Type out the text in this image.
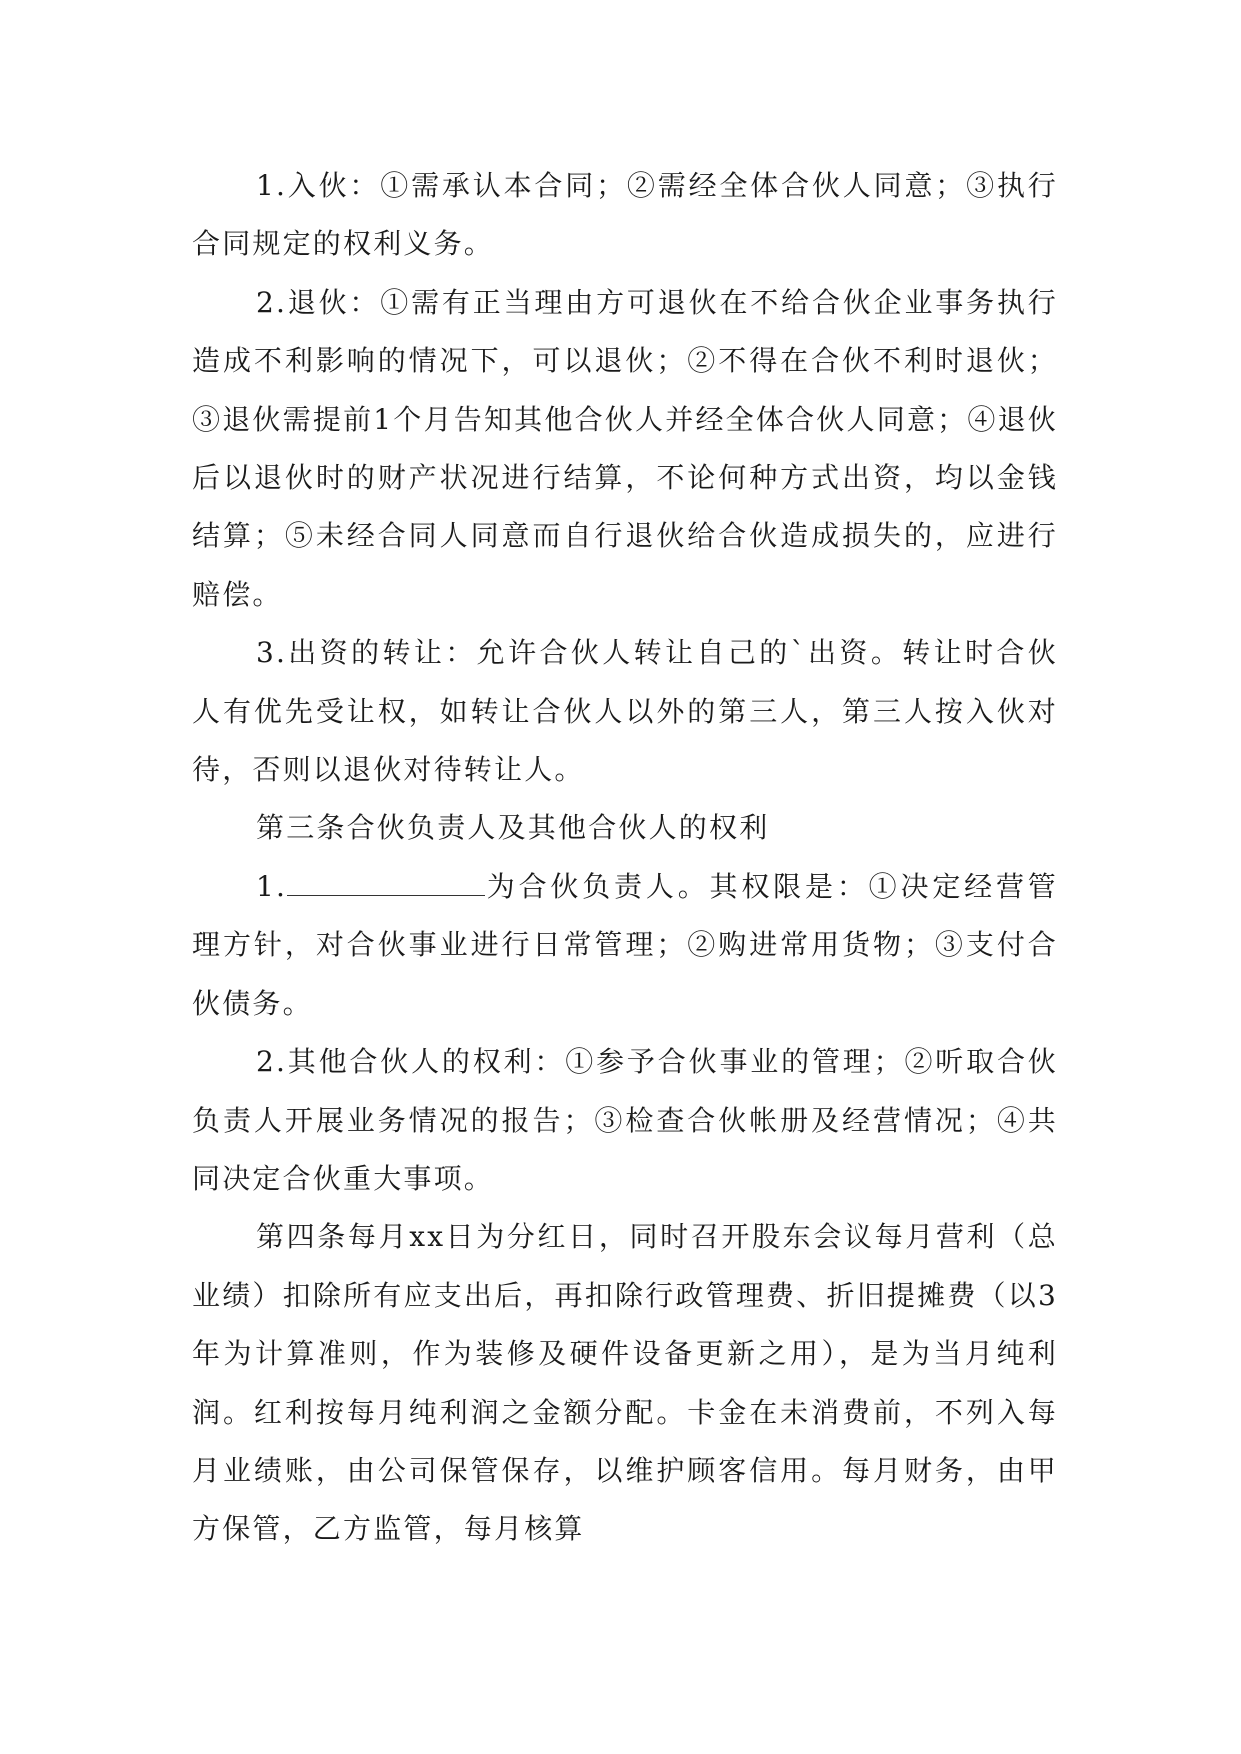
1.入伙：①需承认本合同；②需经全体合伙人同意；③执行合同规定的权利义务。

2.退伙：①需有正当理由方可退伙在不给合伙企业事务执行造成不利影响的情况下，可以退伙；②不得在合伙不利时退伙；③退伙需提前1个月告知其他合伙人并经全体合伙人同意；④退伙后以退伙时的财产状况进行结算，不论何种方式出资，均以金钱结算；⑤未经合同人同意而自行退伙给合伙造成损失的，应进行赔偿。

3.出资的转让：允许合伙人转让自己的`出资。转让时合伙人有优先受让权，如转让合伙人以外的第三人，第三人按入伙对待，否则以退伙对待转让人。

第三条合伙负责人及其他合伙人的权利

1.	为合伙负责人。其权限是：①决定经营管理方针，对合伙事业进行日常管理；②购进常用货物；③支付合伙债务。

2.其他合伙人的权利：①参予合伙事业的管理；②听取合伙负责人开展业务情况的报告；③检查合伙帐册及经营情况；④共同决定合伙重大事项。

第四条每月xx日为分红日，同时召开股东会议每月营利（总业绩）扣除所有应支出后，再扣除行政管理费、折旧提摊费（以3年为计算准则，作为装修及硬件设备更新之用），是为当月纯利润。红利按每月纯利润之金额分配。卡金在未消费前，不列入每月业绩账，由公司保管保存，以维护顾客信用。每月财务，由甲方保管，乙方监管，每月核算
